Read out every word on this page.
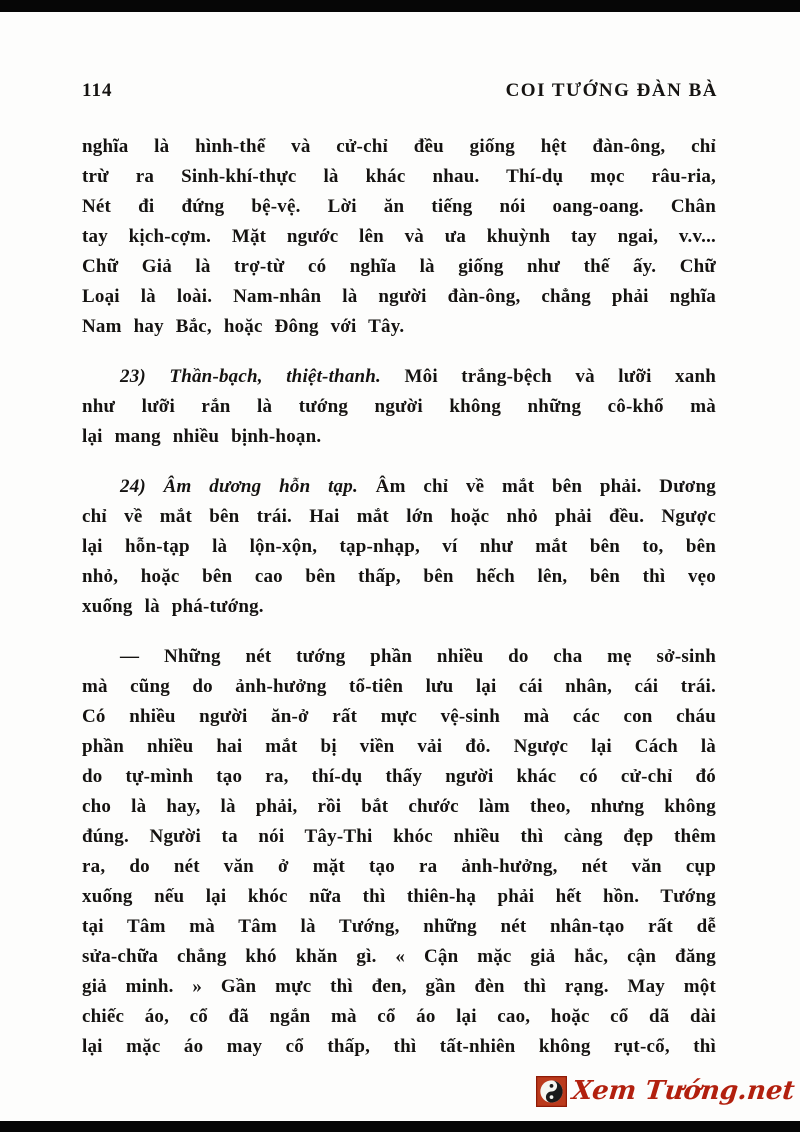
114	COI TƯỚNG ĐÀN BÀ
nghĩa là hình-thể và cử-chỉ đều giống hệt đàn-ông, chỉ
trừ ra Sinh-khí-thực là khác nhau. Thí-dụ mọc râu-ria,
Nét đi đứng bệ-vệ. Lời ăn tiếng nói oang-oang. Chân
tay kịch-cợm. Mặt ngước lên và ưa khuỳnh tay ngai, v.v...
Chữ Giả là trợ-từ có nghĩa là giống như thế ấy. Chữ
Loại là loài. Nam-nhân là người đàn-ông, chẳng phải nghĩa
Nam hay Bắc, hoặc Đông với Tây.
23) Thần-bạch, thiệt-thanh. Môi trắng-bệch và lưỡi xanh
như lưỡi rắn là tướng người không những cô-khổ mà
lại mang nhiều bịnh-hoạn.
24) Âm dương hỗn tạp. Âm chỉ về mắt bên phải. Dương
chỉ về mắt bên trái. Hai mắt lớn hoặc nhỏ phải đều. Ngược
lại hỗn-tạp là lộn-xộn, tạp-nhạp, ví như mắt bên to, bên
nhỏ, hoặc bên cao bên thấp, bên hếch lên, bên thì vẹo
xuống là phá-tướng.
— Những nét tướng phần nhiều do cha mẹ sở-sinh
mà cũng do ảnh-hưởng tổ-tiên lưu lại cái nhân, cái trái.
Có nhiều người ăn-ở rất mực vệ-sinh mà các con cháu
phần nhiều hai mắt bị viền vải đỏ. Ngược lại Cách là
do tự-mình tạo ra, thí-dụ thấy người khác có cử-chỉ đó
cho là hay, là phải, rồi bắt chước làm theo, nhưng không
đúng. Người ta nói Tây-Thi khóc nhiều thì càng đẹp thêm
ra, do nét văn ở mặt tạo ra ảnh-hưởng, nét văn cụp
xuống nếu lại khóc nữa thì thiên-hạ phải hết hồn. Tướng
tại Tâm mà Tâm là Tướng, những nét nhân-tạo rất dễ
sửa-chữa chẳng khó khăn gì. « Cận mặc giả hắc, cận đăng
giả minh. » Gần mực thì đen, gần đèn thì rạng. May một
chiếc áo, cổ đã ngắn mà cổ áo lại cao, hoặc cổ dã dài
lại mặc áo may cổ thấp, thì tất-nhiên không rụt-cổ, thì
Xem Tướng.net
